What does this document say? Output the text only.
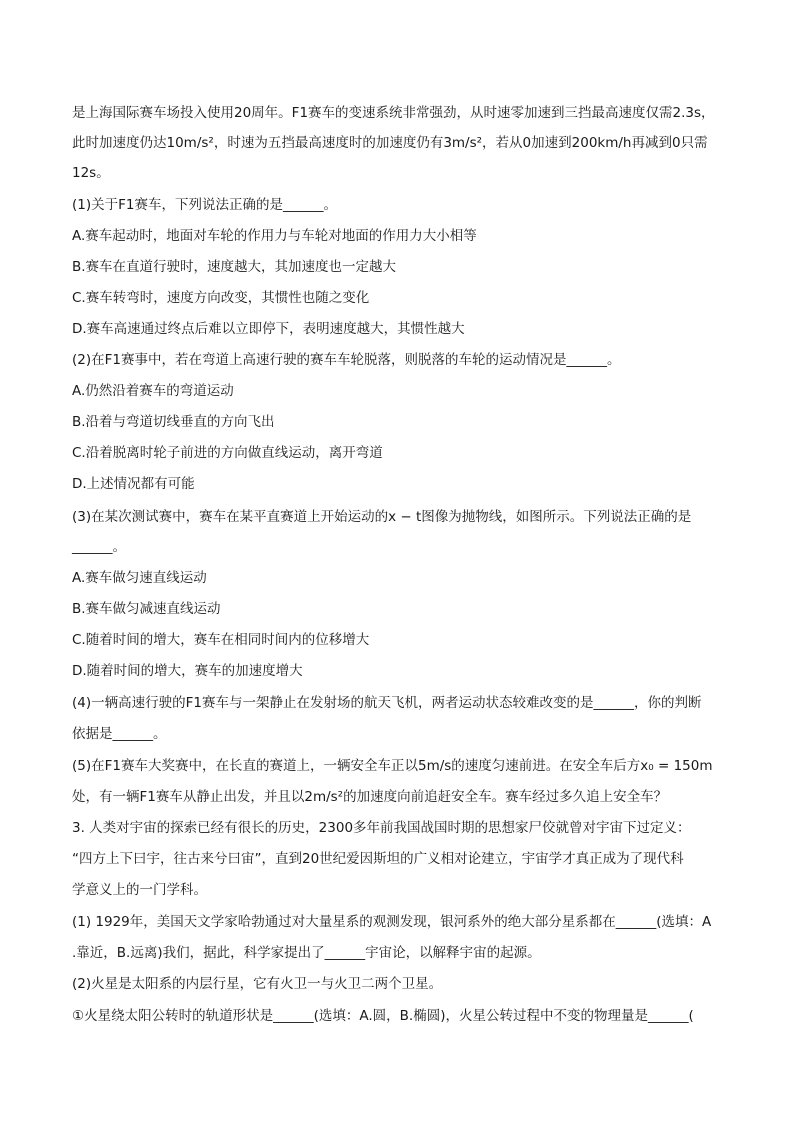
是上海国际赛车场投入使用20周年。F1赛车的变速系统非常强劲，从时速零加速到三挡最高速度仅需2.3s，
此时加速度仍达10m/s²，时速为五挡最高速度时的加速度仍有3m/s²，若从0加速到200km/h再减到0只需
12s。
(1)关于F1赛车，下列说法正确的是______。
A.赛车起动时，地面对车轮的作用力与车轮对地面的作用力大小相等
B.赛车在直道行驶时，速度越大，其加速度也一定越大
C.赛车转弯时，速度方向改变，其惯性也随之变化
D.赛车高速通过终点后难以立即停下，表明速度越大，其惯性越大
(2)在F1赛事中，若在弯道上高速行驶的赛车车轮脱落，则脱落的车轮的运动情况是______。
A.仍然沿着赛车的弯道运动
B.沿着与弯道切线垂直的方向飞出
C.沿着脱离时轮子前进的方向做直线运动，离开弯道
D.上述情况都有可能
(3)在某次测试赛中，赛车在某平直赛道上开始运动的x − t图像为抛物线，如图所示。下列说法正确的是
______。
A.赛车做匀速直线运动
B.赛车做匀减速直线运动
C.随着时间的增大，赛车在相同时间内的位移增大
D.随着时间的增大，赛车的加速度增大
(4)一辆高速行驶的F1赛车与一架静止在发射场的航天飞机，两者运动状态较难改变的是______，你的判断
依据是______。
(5)在F1赛车大奖赛中，在长直的赛道上，一辆安全车正以5m/s的速度匀速前进。在安全车后方x₀ = 150m
处，有一辆F1赛车从静止出发，并且以2m/s²的加速度向前追赶安全车。赛车经过多久追上安全车？
3. 人类对宇宙的探索已经有很长的历史，2300多年前我国战国时期的思想家尸佼就曾对宇宙下过定义：
“四方上下曰宇，往古来兮曰宙”，直到20世纪爱因斯坦的广义相对论建立，宇宙学才真正成为了现代科
学意义上的一门学科。
(1) 1929年，美国天文学家哈勃通过对大量星系的观测发现，银河系外的绝大部分星系都在______(选填：A
.靠近，B.远离)我们，据此，科学家提出了______宇宙论，以解释宇宙的起源。
(2)火星是太阳系的内层行星，它有火卫一与火卫二两个卫星。
①火星绕太阳公转时的轨道形状是______(选填：A.圆，B.椭圆)，火星公转过程中不变的物理量是______(
